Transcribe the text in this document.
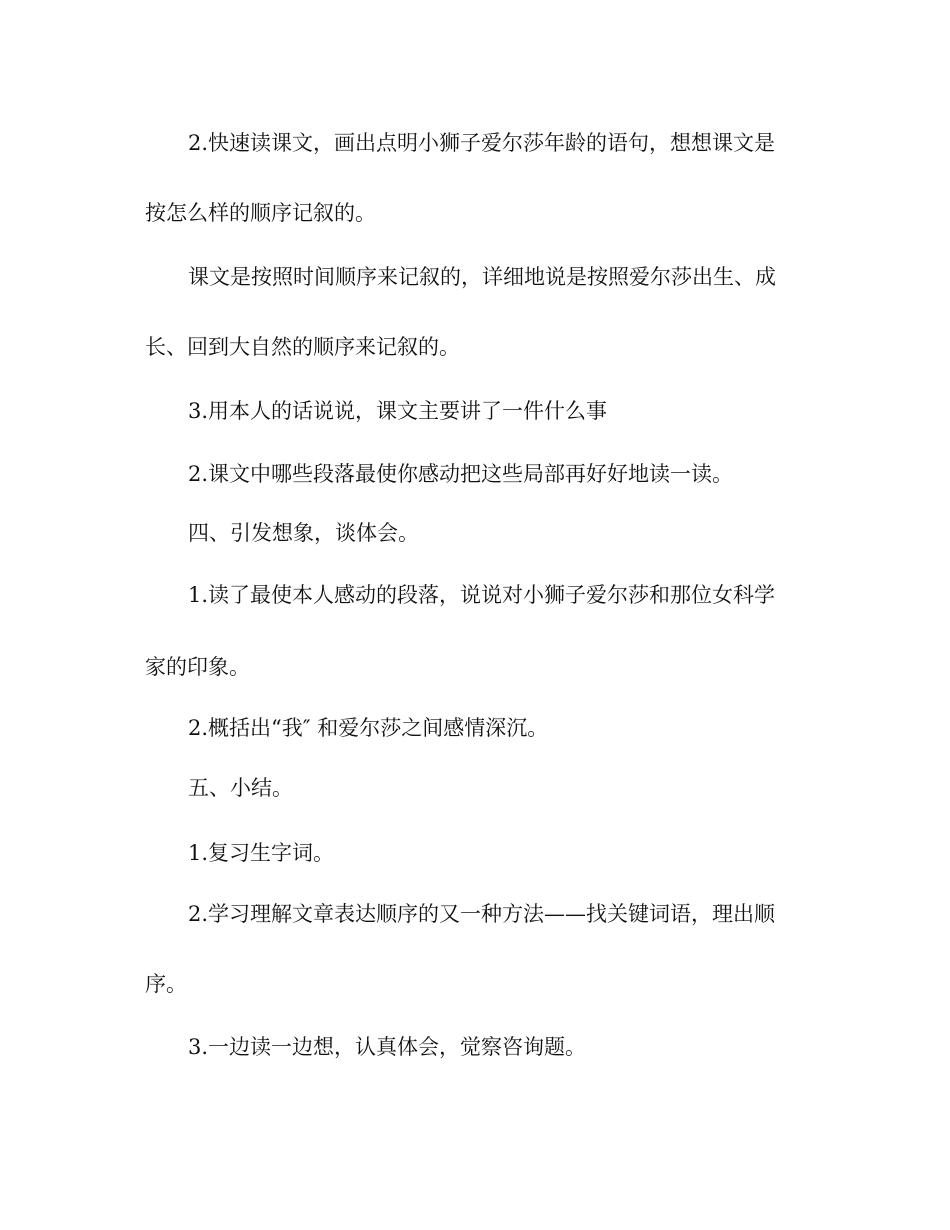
2.快速读课文，画出点明小狮子爱尔莎年龄的语句，想想课文是
按怎么样的顺序记叙的。
课文是按照时间顺序来记叙的，详细地说是按照爱尔莎出生、成
长、回到大自然的顺序来记叙的。
3.用本人的话说说，课文主要讲了一件什么事
2.课文中哪些段落最使你感动把这些局部再好好地读一读。
四、引发想象，谈体会。
1.读了最使本人感动的段落，说说对小狮子爱尔莎和那位女科学
家的印象。
2.概括出“我″ 和爱尔莎之间感情深沉。
五、小结。
1.复习生字词。
2.学习理解文章表达顺序的又一种方法——找关键词语，理出顺
序。
3.一边读一边想，认真体会，觉察咨询题。
